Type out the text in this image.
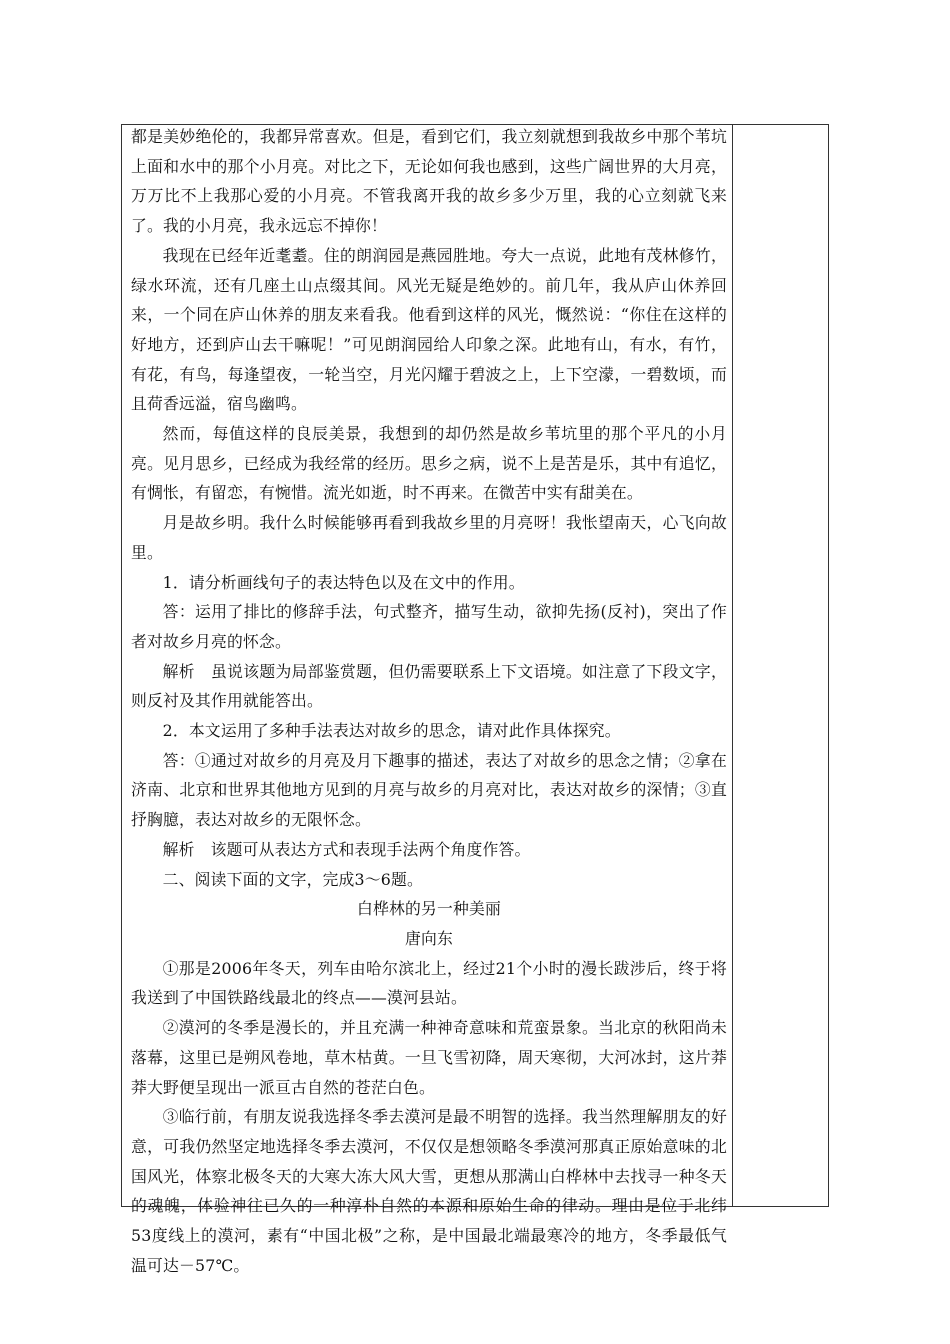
都是美妙绝伦的，我都异常喜欢。但是，看到它们，我立刻就想到我故乡中那个苇坑上面和水中的那个小月亮。对比之下，无论如何我也感到，这些广阔世界的大月亮，万万比不上我那心爱的小月亮。不管我离开我的故乡多少万里，我的心立刻就飞来了。我的小月亮，我永远忘不掉你！

我现在已经年近耄耋。住的朗润园是燕园胜地。夸大一点说，此地有茂林修竹，绿水环流，还有几座土山点缀其间。风光无疑是绝妙的。前几年，我从庐山休养回来，一个同在庐山休养的朋友来看我。他看到这样的风光，慨然说：“你住在这样的好地方，还到庐山去干嘛呢！”可见朗润园给人印象之深。此地有山，有水，有竹，有花，有鸟，每逢望夜，一轮当空，月光闪耀于碧波之上，上下空濛，一碧数顷，而且荷香远溢，宿鸟幽鸣。

然而，每值这样的良辰美景，我想到的却仍然是故乡苇坑里的那个平凡的小月亮。见月思乡，已经成为我经常的经历。思乡之病，说不上是苦是乐，其中有追忆，有惆怅，有留恋，有惋惜。流光如逝，时不再来。在微苦中实有甜美在。

月是故乡明。我什么时候能够再看到我故乡里的月亮呀！我怅望南天，心飞向故里。

1．请分析画线句子的表达特色以及在文中的作用。

答：运用了排比的修辞手法，句式整齐，描写生动，欲抑先扬(反衬)，突出了作者对故乡月亮的怀念。

解析　虽说该题为局部鉴赏题，但仍需要联系上下文语境。如注意了下段文字，则反衬及其作用就能答出。

2．本文运用了多种手法表达对故乡的思念，请对此作具体探究。

答：①通过对故乡的月亮及月下趣事的描述，表达了对故乡的思念之情；②拿在济南、北京和世界其他地方见到的月亮与故乡的月亮对比，表达对故乡的深情；③直抒胸臆，表达对故乡的无限怀念。

解析　该题可从表达方式和表现手法两个角度作答。

二、阅读下面的文字，完成3～6题。

白桦林的另一种美丽

唐向东

①那是2006年冬天，列车由哈尔滨北上，经过21个小时的漫长跋涉后，终于将我送到了中国铁路线最北的终点——漠河县站。

②漠河的冬季是漫长的，并且充满一种神奇意味和荒蛮景象。当北京的秋阳尚未落幕，这里已是朔风卷地，草木枯黄。一旦飞雪初降，周天寒彻，大河冰封，这片莽莽大野便呈现出一派亘古自然的苍茫白色。

③临行前，有朋友说我选择冬季去漠河是最不明智的选择。我当然理解朋友的好意，可我仍然坚定地选择冬季去漠河，不仅仅是想领略冬季漠河那真正原始意味的北国风光，体察北极冬天的大寒大冻大风大雪，更想从那满山白桦林中去找寻一种冬天的魂魄，体验神往已久的一种淳朴自然的本源和原始生命的律动。理由是位于北纬53度线上的漠河，素有“中国北极”之称，是中国最北端最寒冷的地方，冬季最低气温可达－57℃。
